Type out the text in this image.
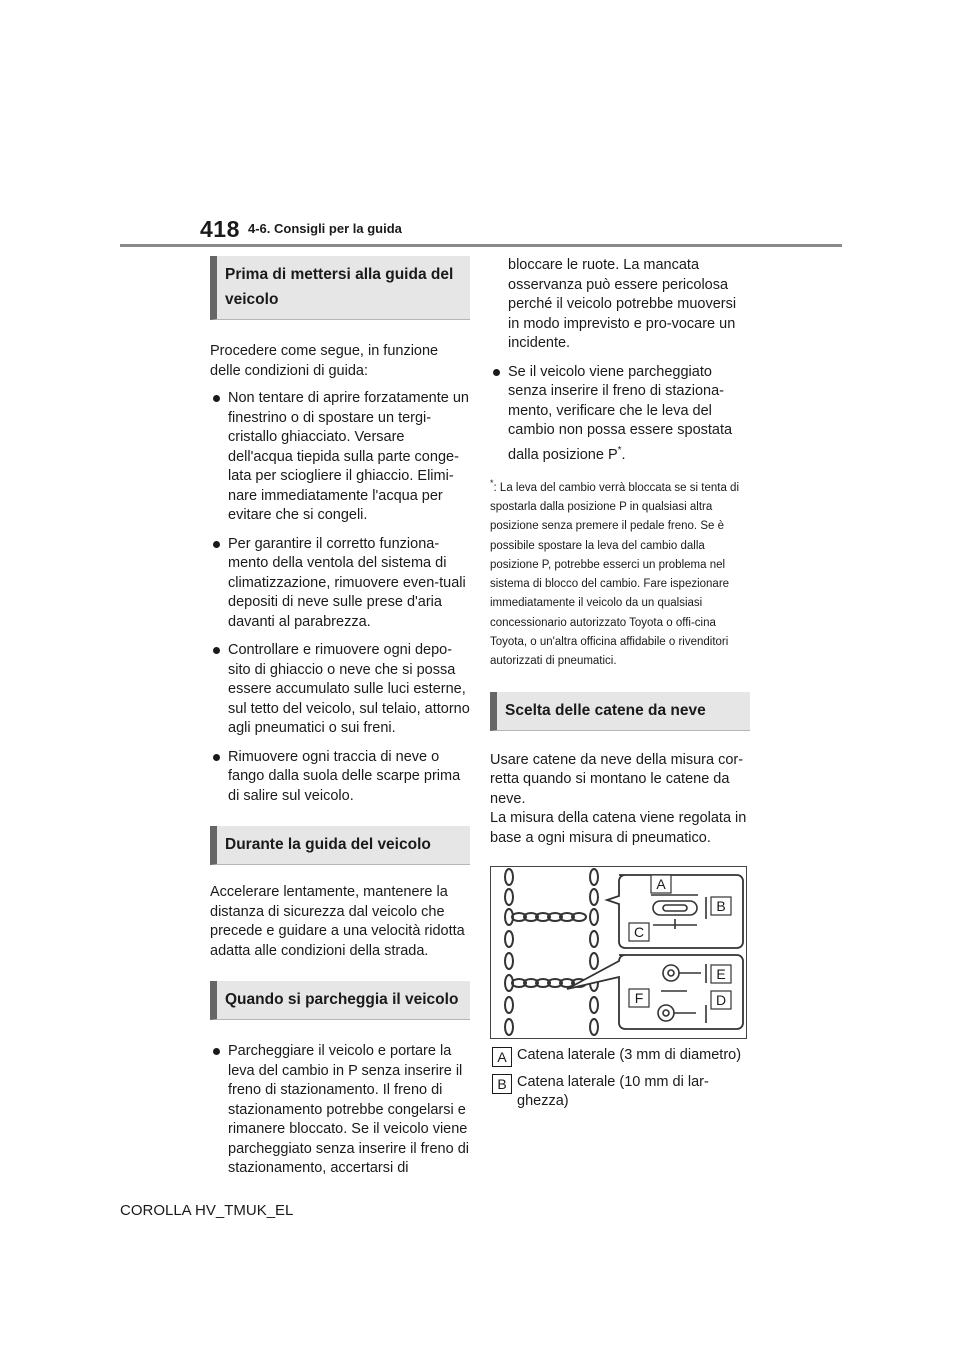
418 4-6. Consigli per la guida
Prima di mettersi alla guida del veicolo

Procedere come segue, in funzione delle condizioni di guida:

Non tentare di aprire forzatamente un finestrino o di spostare un tergi-cristallo ghiacciato. Versare dell'acqua tiepida sulla parte conge-lata per sciogliere il ghiaccio. Elimi-nare immediatamente l'acqua per evitare che si congeli.
Per garantire il corretto funziona-mento della ventola del sistema di climatizzazione, rimuovere even-tuali depositi di neve sulle prese d'aria davanti al parabrezza.
Controllare e rimuovere ogni depo-sito di ghiaccio o neve che si possa essere accumulato sulle luci esterne, sul tetto del veicolo, sul telaio, attorno agli pneumatici o sui freni.
Rimuovere ogni traccia di neve o fango dalla suola delle scarpe prima di salire sul veicolo.
Durante la guida del veicolo

Accelerare lentamente, mantenere la distanza di sicurezza dal veicolo che precede e guidare a una velocità ridotta adatta alle condizioni della strada.

Quando si parcheggia il veicolo
Parcheggiare il veicolo e portare la leva del cambio in P senza inserire il freno di stazionamento. Il freno di stazionamento potrebbe congelarsi e rimanere bloccato. Se il veicolo viene parcheggiato senza inserire il freno di stazionamento, accertarsi di

bloccare le ruote. La mancata osservanza può essere pericolosa perché il veicolo potrebbe muoversi in modo imprevisto e pro-vocare un incidente.

Se il veicolo viene parcheggiato senza inserire il freno di staziona-mento, verificare che le leva del cambio non possa essere spostata dalla posizione P*.
*: La leva del cambio verrà bloccata se si tenta di spostarla dalla posizione P in qualsiasi altra posizione senza premere il pedale freno. Se è possibile spostare la leva del cambio dalla posizione P, potrebbe esserci un problema nel sistema di blocco del cambio. Fare ispezionare immediatamente il veicolo da un qualsiasi concessionario autorizzato Toyota o offi-cina Toyota, o un'altra officina affidabile o rivenditori autorizzati di pneumatici.
Scelta delle catene da neve

Usare catene da neve della misura cor-retta quando si montano le catene da neve.

La misura della catena viene regolata in base a ogni misura di pneumatico.

A
B
C
E
F	D
A Catena laterale (3 mm di diametro)
B Catena laterale (10 mm di lar-ghezza)
COROLLA HV_TMUK_EL
